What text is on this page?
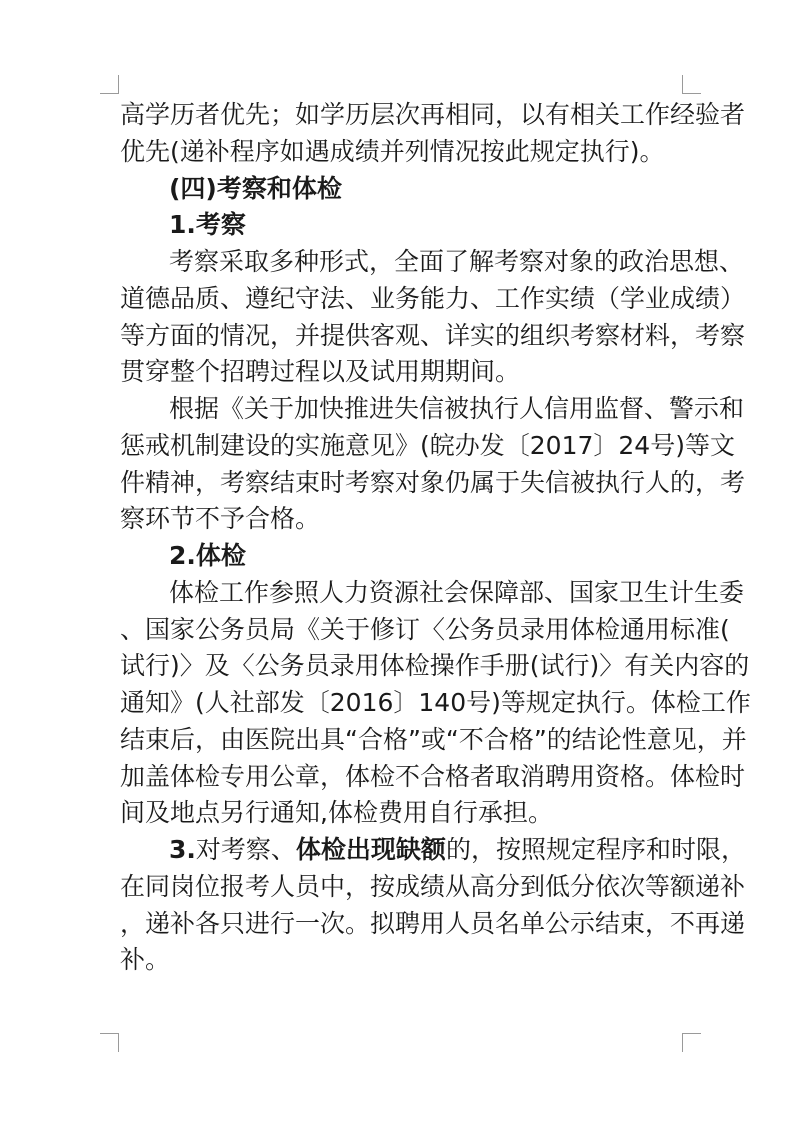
高学历者优先；如学历层次再相同，以有相关工作经验者
优先(递补程序如遇成绩并列情况按此规定执行)。
(四)考察和体检
1.考察
考察采取多种形式，全面了解考察对象的政治思想、
道德品质、遵纪守法、业务能力、工作实绩（学业成绩）
等方面的情况，并提供客观、详实的组织考察材料，考察
贯穿整个招聘过程以及试用期期间。
根据《关于加快推进失信被执行人信用监督、警示和
惩戒机制建设的实施意见》(皖办发〔2017〕24号)等文
件精神，考察结束时考察对象仍属于失信被执行人的，考
察环节不予合格。
2.体检
体检工作参照人力资源社会保障部、国家卫生计生委
、国家公务员局《关于修订〈公务员录用体检通用标准(
试行)〉及〈公务员录用体检操作手册(试行)〉有关内容的
通知》(人社部发〔2016〕140号)等规定执行。体检工作
结束后，由医院出具“合格”或“不合格”的结论性意见，并
加盖体检专用公章，体检不合格者取消聘用资格。体检时
间及地点另行通知,体检费用自行承担。
3.对考察、体检出现缺额的，按照规定程序和时限，
在同岗位报考人员中，按成绩从高分到低分依次等额递补
，递补各只进行一次。拟聘用人员名单公示结束，不再递
补。
